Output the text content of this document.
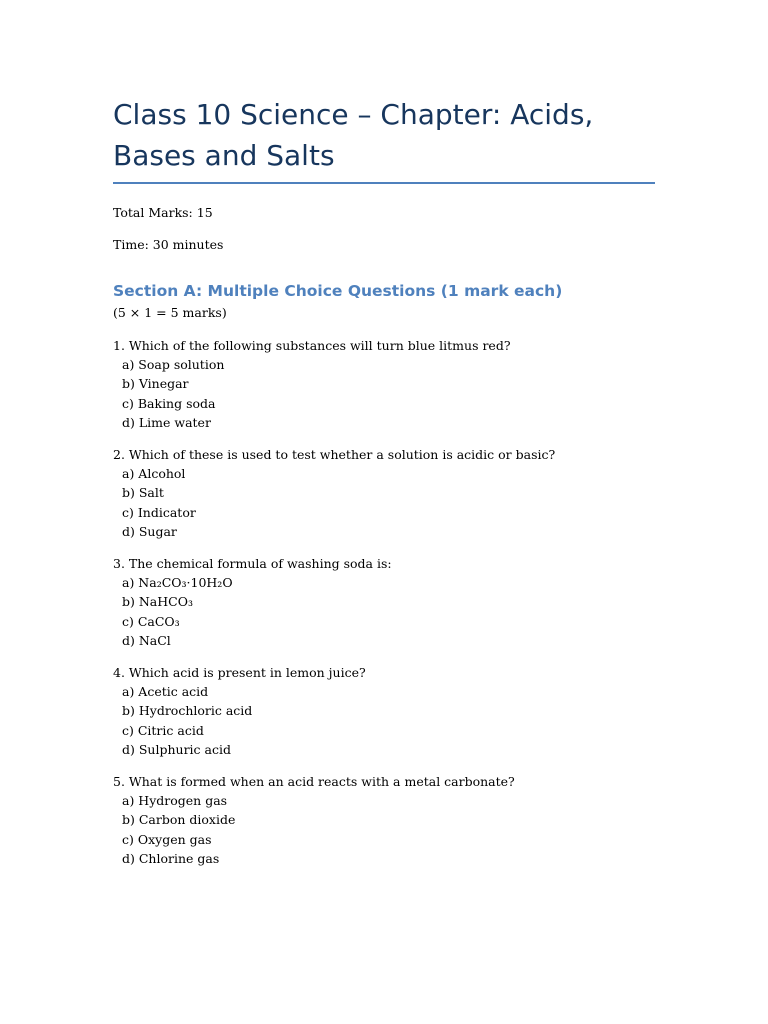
Class 10 Science – Chapter: Acids, Bases and Salts

Total Marks: 15

Time: 30 minutes

Section A: Multiple Choice Questions (1 mark each)
(5 × 1 = 5 marks)
1. Which of the following substances will turn blue litmus red?
a) Soap solution
b) Vinegar
c) Baking soda
d) Lime water
2. Which of these is used to test whether a solution is acidic or basic?
a) Alcohol
b) Salt
c) Indicator
d) Sugar
3. The chemical formula of washing soda is:
a) Na₂CO₃·10H₂O
b) NaHCO₃
c) CaCO₃
d) NaCl
4. Which acid is present in lemon juice?
a) Acetic acid
b) Hydrochloric acid
c) Citric acid
d) Sulphuric acid
5. What is formed when an acid reacts with a metal carbonate?
a) Hydrogen gas
b) Carbon dioxide
c) Oxygen gas
d) Chlorine gas
